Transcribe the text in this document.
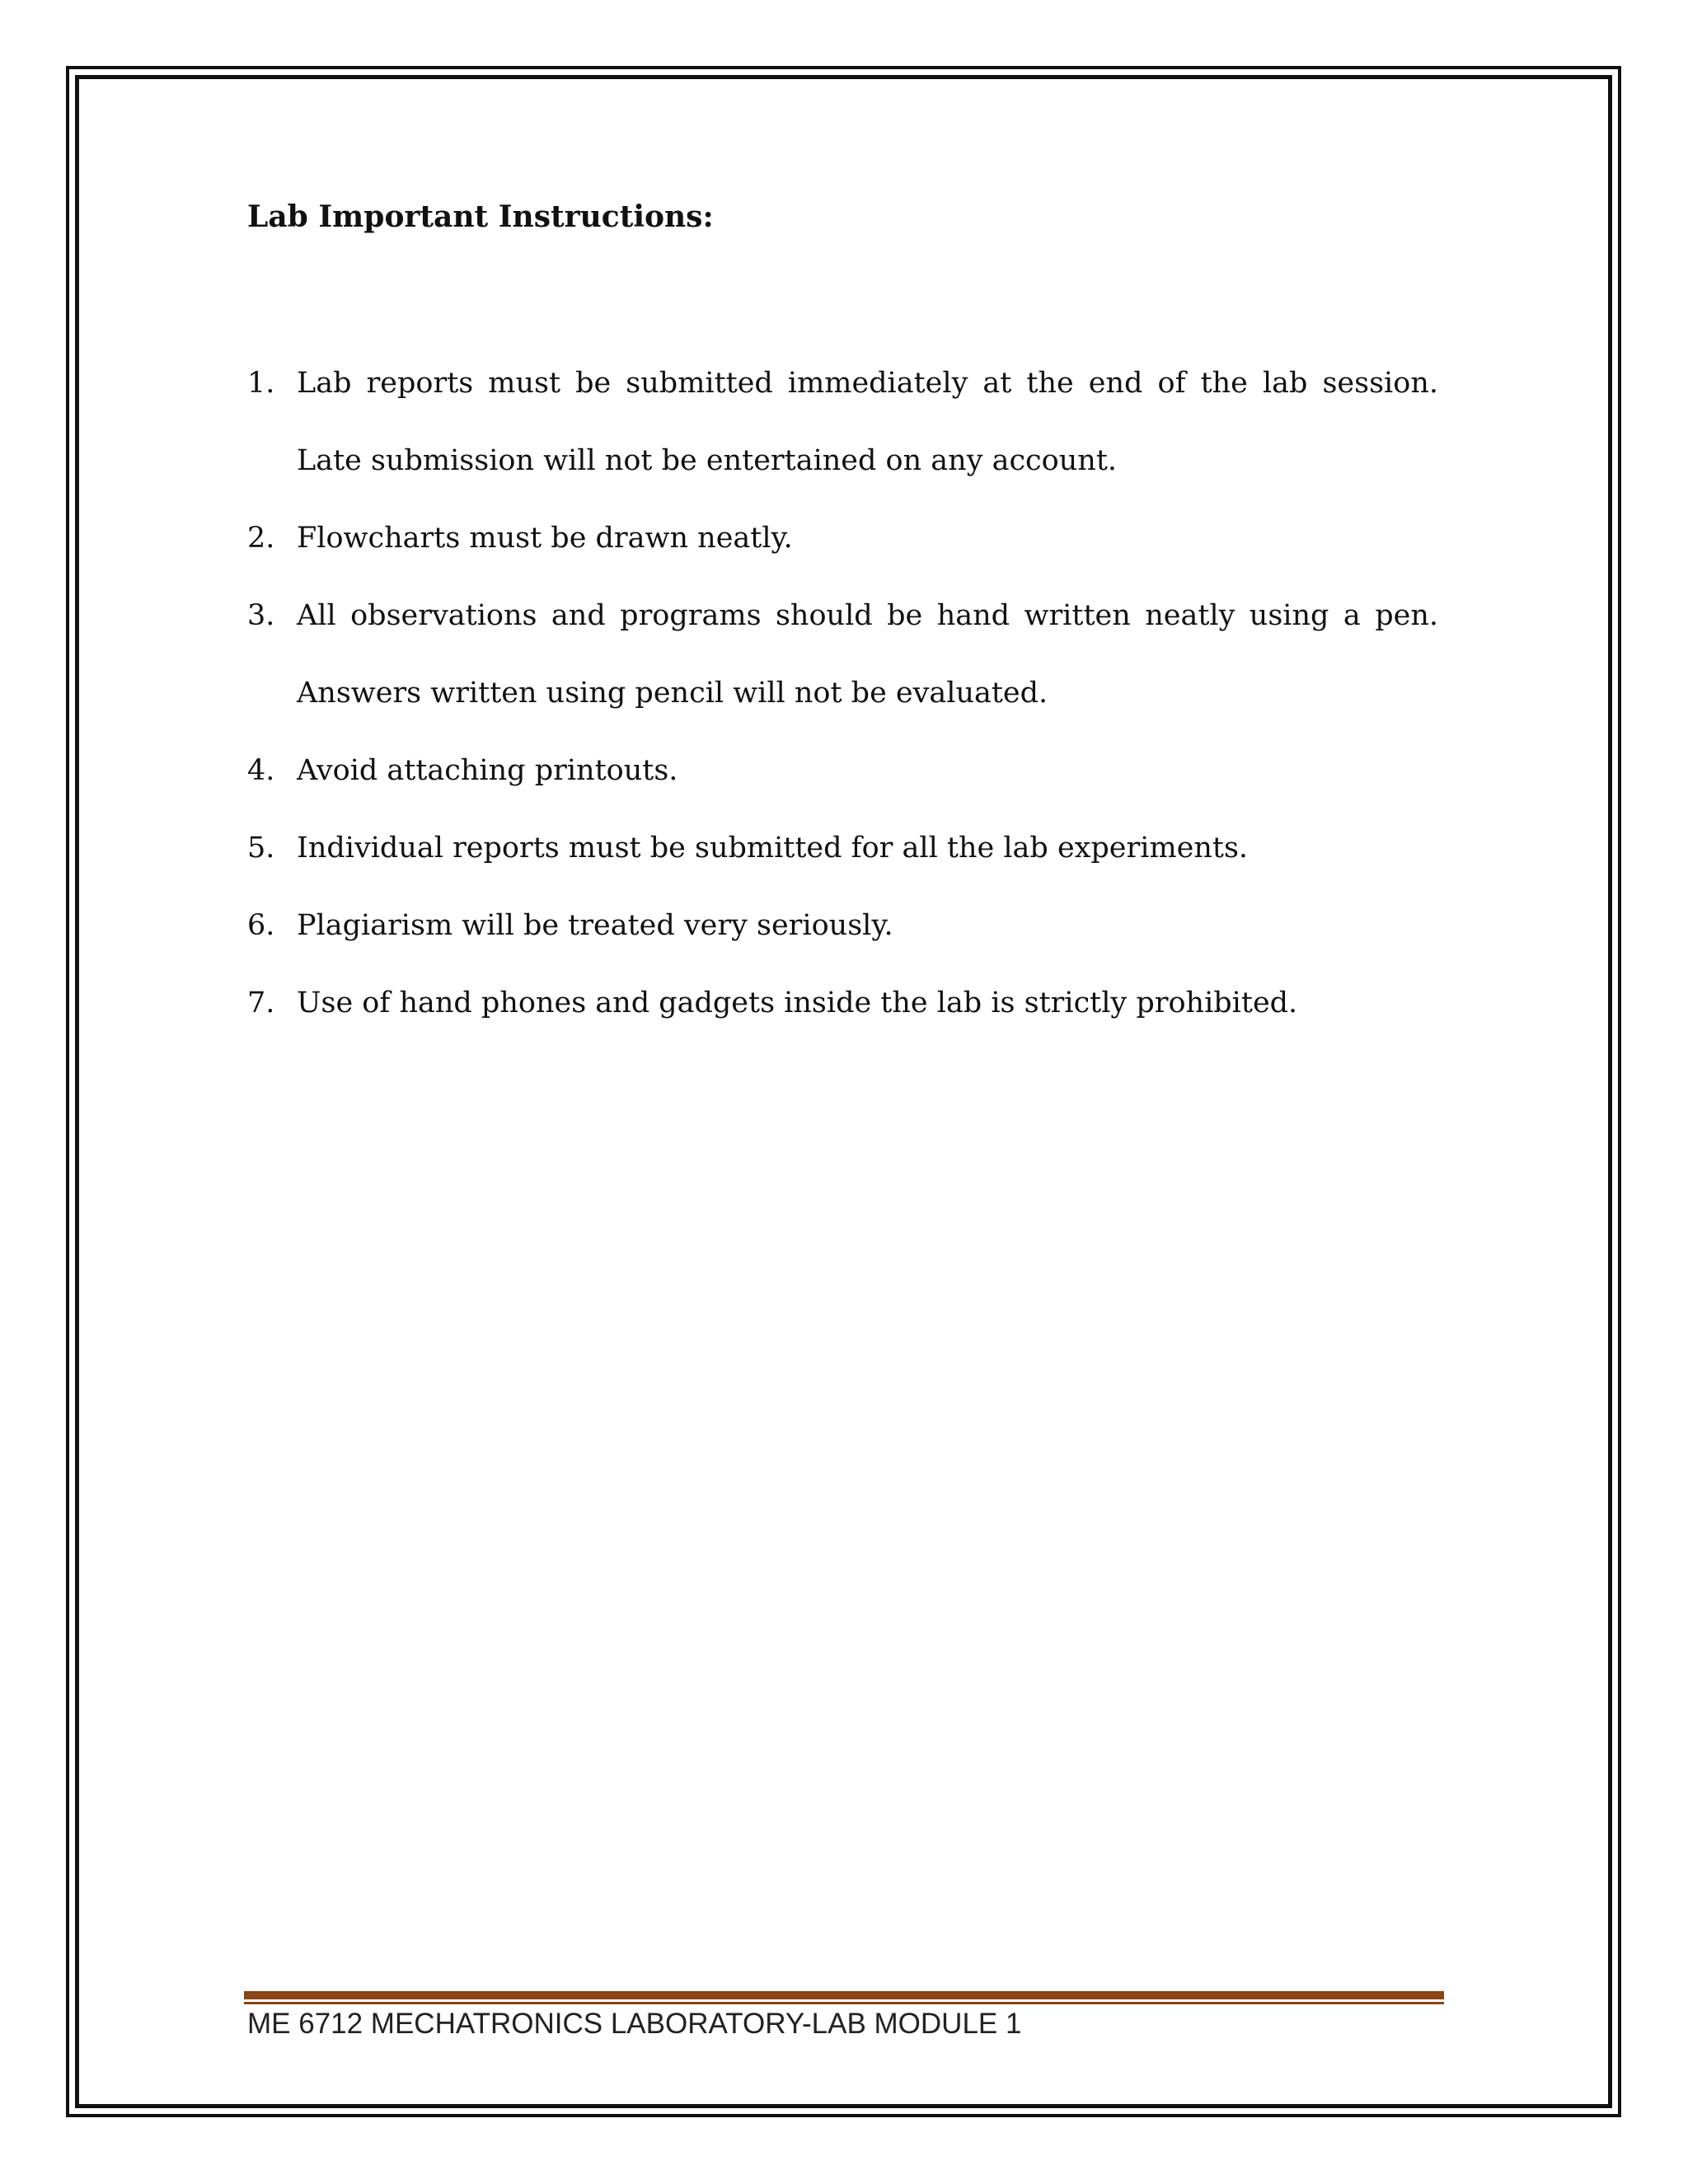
Lab Important Instructions:
1. Lab reports must be submitted immediately at the end of the lab session. Late submission will not be entertained on any account.
2. Flowcharts must be drawn neatly.
3. All observations and programs should be hand written neatly using a pen. Answers written using pencil will not be evaluated.
4. Avoid attaching printouts.
5. Individual reports must be submitted for all the lab experiments.
6. Plagiarism will be treated very seriously.
7. Use of hand phones and gadgets inside the lab is strictly prohibited.
ME 6712 MECHATRONICS LABORATORY-LAB MODULE 1
